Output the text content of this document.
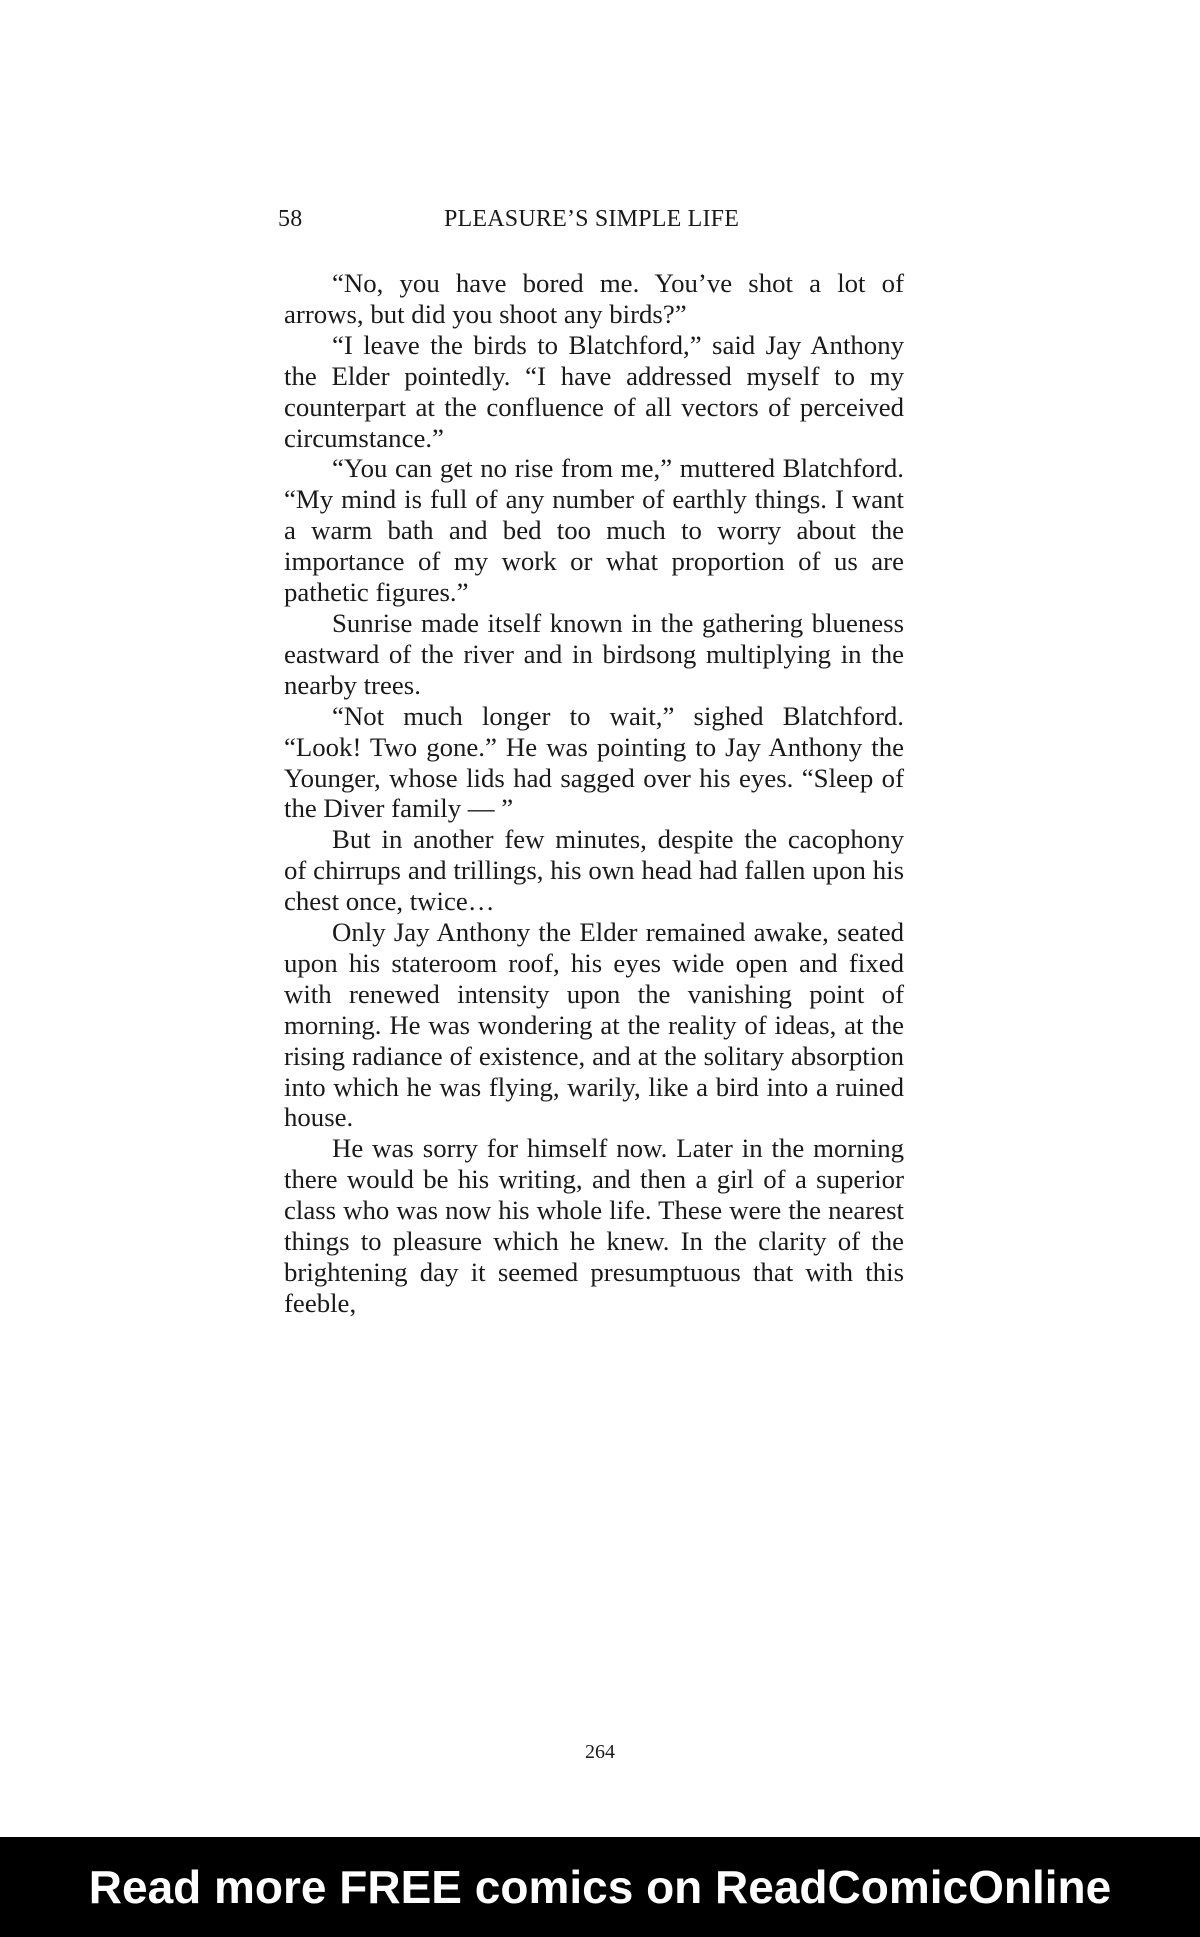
58	PLEASURE’S SIMPLE LIFE

“No, you have bored me. You’ve shot a lot of arrows, but did you shoot any birds?”

“I leave the birds to Blatchford,” said Jay Anthony the Elder pointedly. “I have addressed myself to my counterpart at the confluence of all vectors of perceived circumstance.”

“You can get no rise from me,” muttered Blatchford. “My mind is full of any number of earthly things. I want a warm bath and bed too much to worry about the importance of my work or what proportion of us are pathetic figures.”

Sunrise made itself known in the gathering blueness eastward of the river and in birdsong multiplying in the nearby trees.

“Not much longer to wait,” sighed Blatchford. “Look! Two gone.” He was pointing to Jay Anthony the Younger, whose lids had sagged over his eyes. “Sleep of the Diver family — ”

But in another few minutes, despite the cacophony of chirrups and trillings, his own head had fallen upon his chest once, twice…

Only Jay Anthony the Elder remained awake, seated upon his stateroom roof, his eyes wide open and fixed with renewed intensity upon the vanishing point of morning. He was wondering at the reality of ideas, at the rising radiance of existence, and at the solitary absorption into which he was flying, warily, like a bird into a ruined house.

He was sorry for himself now. Later in the morning there would be his writing, and then a girl of a superior class who was now his whole life. These were the nearest things to pleasure which he knew. In the clarity of the brightening day it seemed presumptuous that with this feeble,

264
Read more FREE comics on ReadComicOnline
